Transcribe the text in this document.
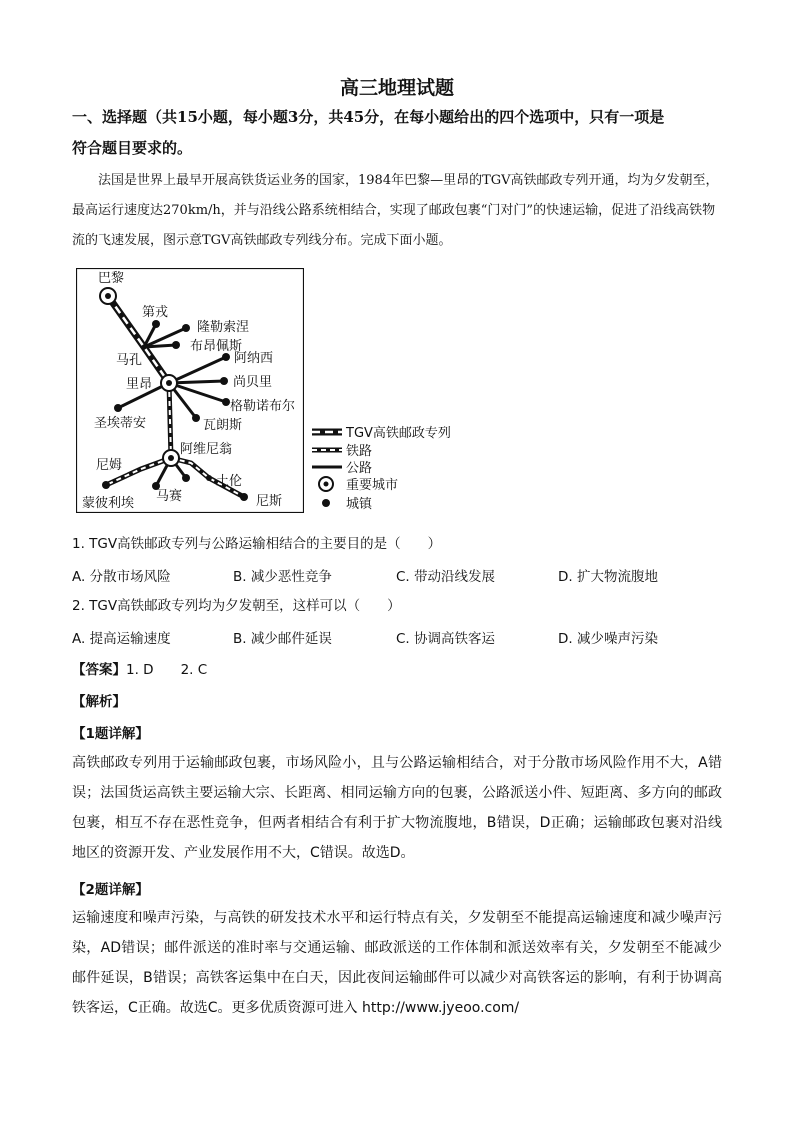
高三地理试题
一、选择题（共15小题，每小题3分，共45分，在每小题给出的四个选项中，只有一项是
符合题目要求的。
法国是世界上最早开展高铁货运业务的国家，1984年巴黎—里昂的TGV高铁邮政专列开通，均为夕发朝至，最高运行速度达270km/h，并与沿线公路系统相结合，实现了邮政包裹“门对门”的快速运输，促进了沿线高铁物流的飞速发展，图示意TGV高铁邮政专列线分布。完成下面小题。
巴黎
第戎
隆勒索涅
布昂佩斯
马孔	阿纳西
里昂	尚贝里
格勒诺布尔
圣埃蒂安	瓦朗斯
阿维尼翁
尼姆
土伦
蒙彼利埃 马赛	尼斯
TGV高铁邮政专列
铁路
公路
重要城市
城镇
1. TGV高铁邮政专列与公路运输相结合的主要目的是（　　）
A. 分散市场风险	B. 减少恶性竞争	C. 带动沿线发展	D. 扩大物流腹地
2. TGV高铁邮政专列均为夕发朝至，这样可以（　　）
A. 提高运输速度	B. 减少邮件延误	C. 协调高铁客运	D. 减少噪声污染
【答案】1. D　　2. C
【解析】
【1题详解】
高铁邮政专列用于运输邮政包裹，市场风险小，且与公路运输相结合，对于分散市场风险作用不大，A错误；法国货运高铁主要运输大宗、长距离、相同运输方向的包裹，公路派送小件、短距离、多方向的邮政包裹，相互不存在恶性竞争，但两者相结合有利于扩大物流腹地，B错误，D正确；运输邮政包裹对沿线地区的资源开发、产业发展作用不大，C错误。故选D。
【2题详解】
运输速度和噪声污染，与高铁的研发技术水平和运行特点有关，夕发朝至不能提高运输速度和减少噪声污染，AD错误；邮件派送的准时率与交通运输、邮政派送的工作体制和派送效率有关，夕发朝至不能减少邮件延误，B错误；高铁客运集中在白天，因此夜间运输邮件可以减少对高铁客运的影响，有利于协调高铁客运，C正确。故选C。更多优质资源可进入 http://www.jyeoo.com/
